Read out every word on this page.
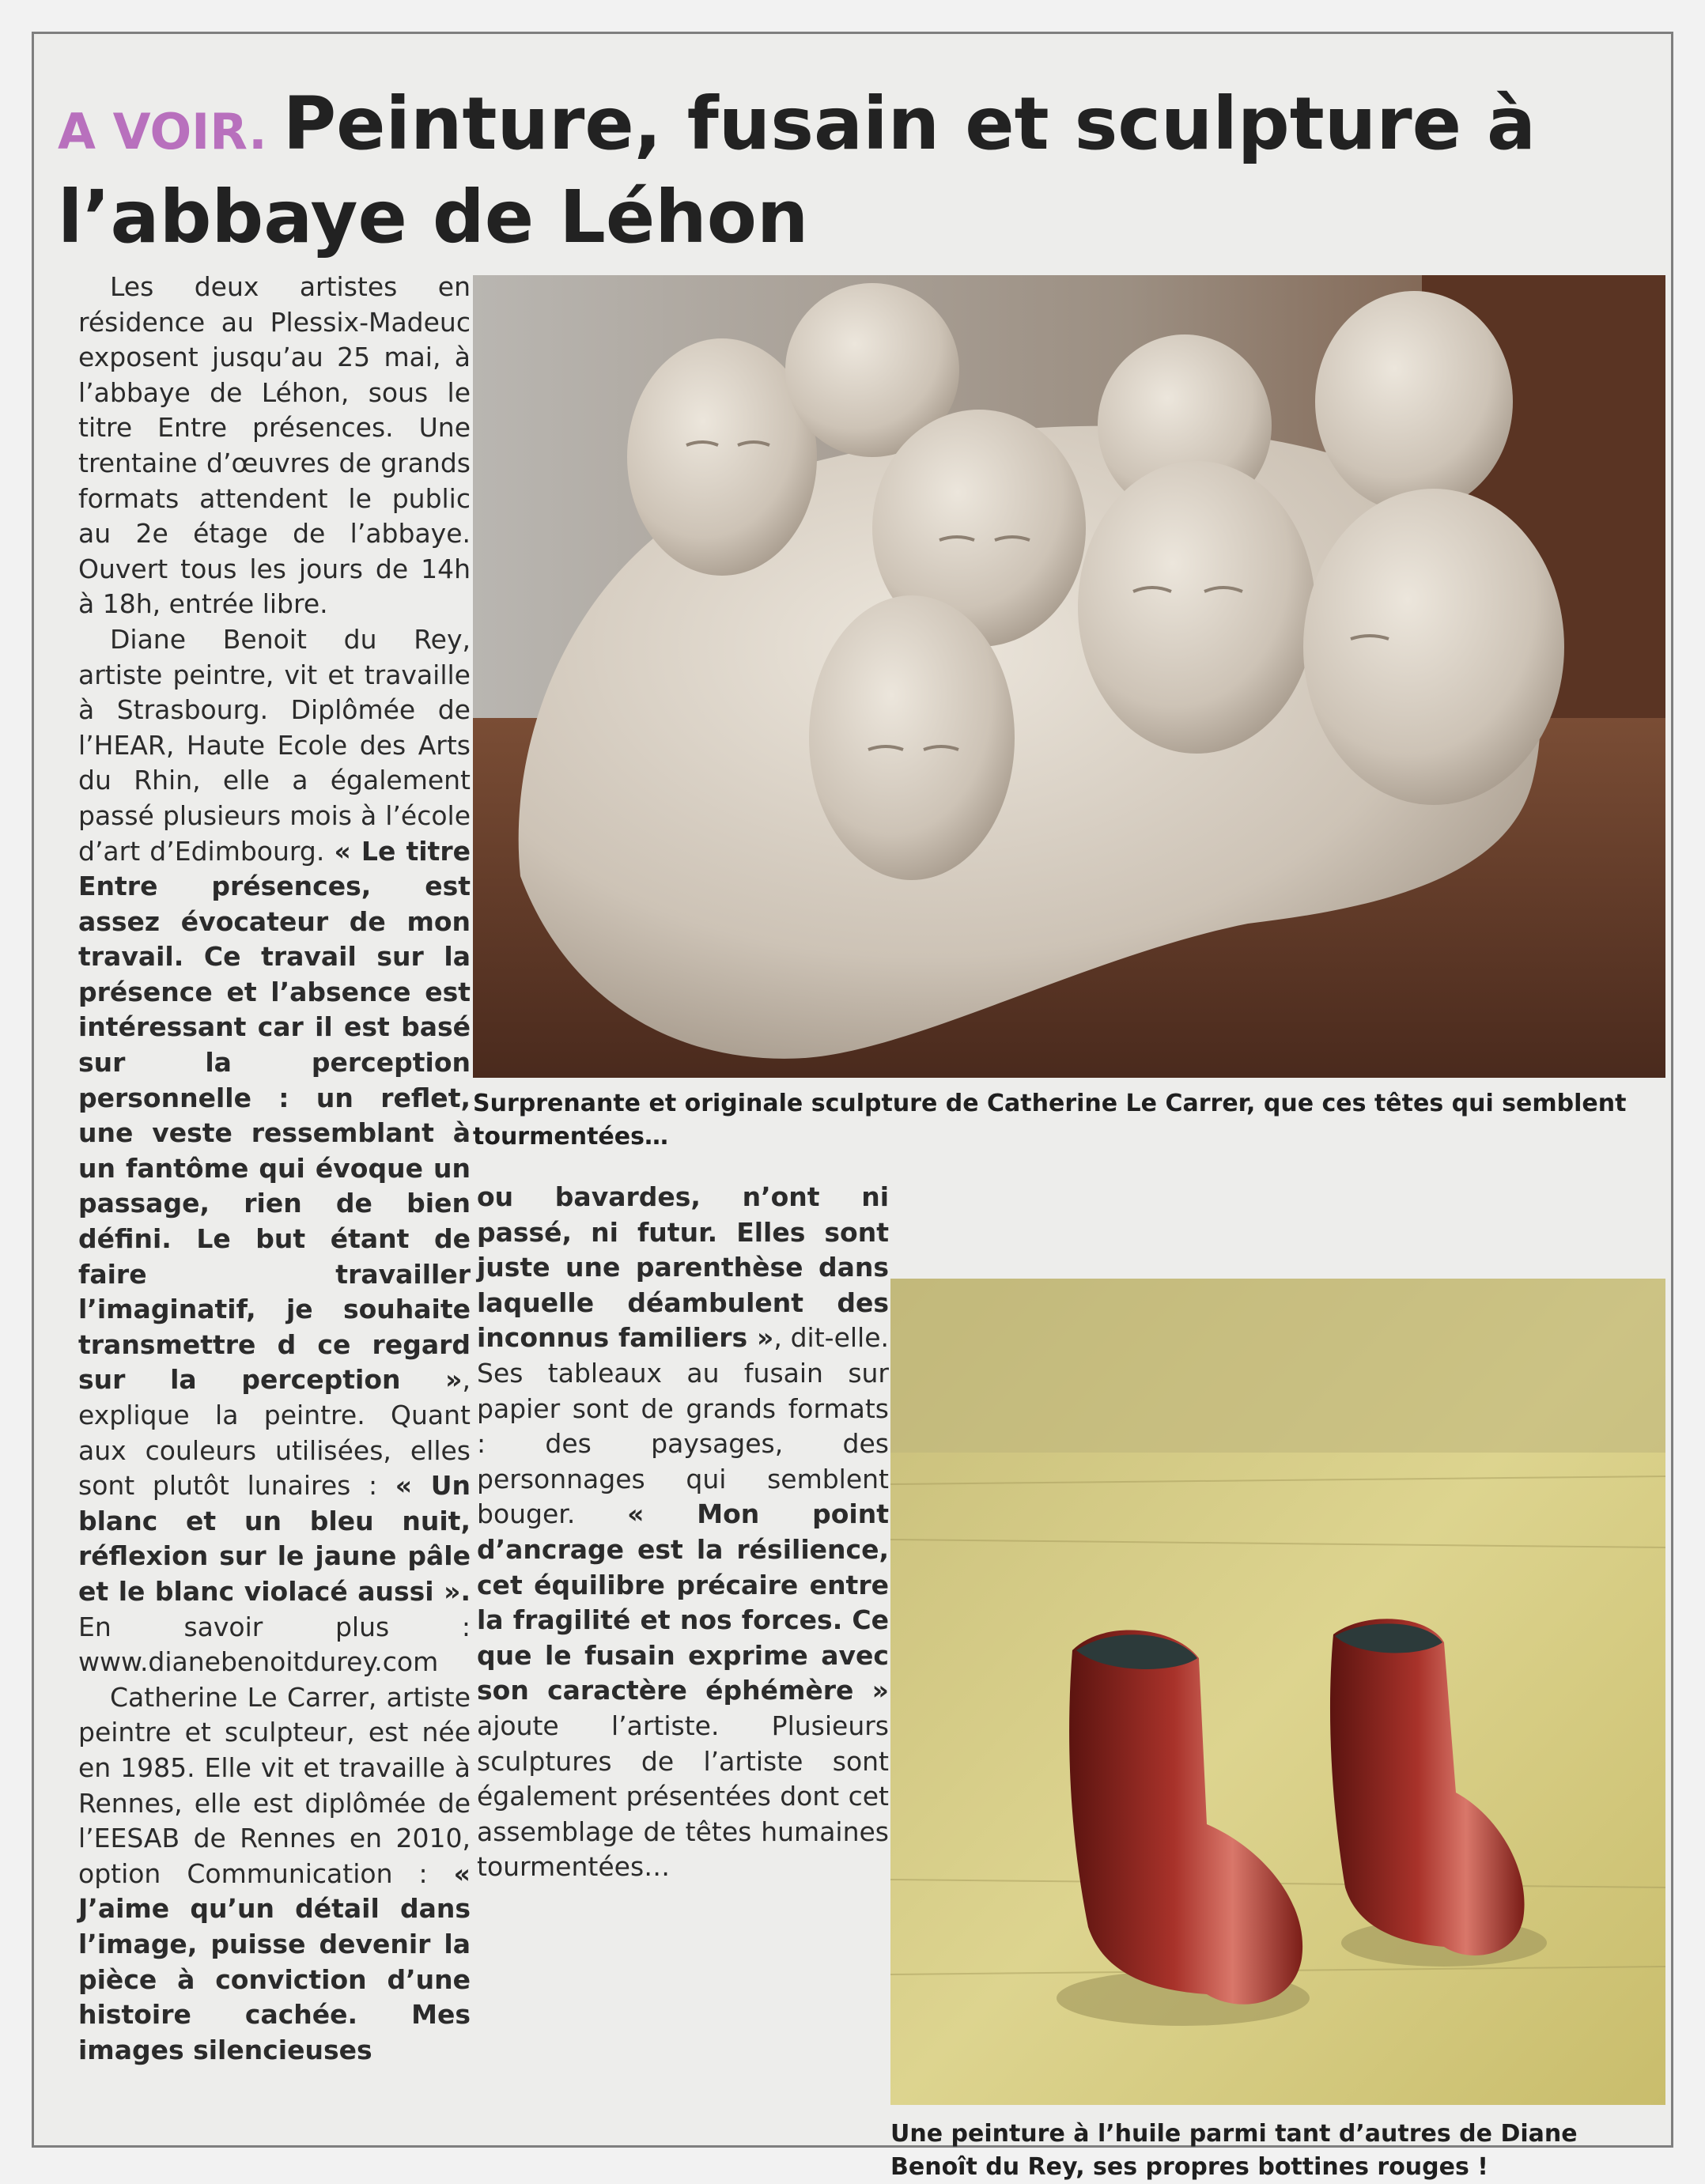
A VOIR. Peinture, fusain et sculpture à l’abbaye de Léhon

Les deux artistes en résidence au Plessix-Madeuc exposent jusqu’au 25 mai, à l’abbaye de Léhon, sous le titre Entre présences. Une trentaine d’œuvres de grands formats attendent le public au 2e étage de l’abbaye. Ouvert tous les jours de 14h à 18h, entrée libre.

Diane Benoit du Rey, artiste peintre, vit et travaille à Strasbourg. Diplômée de l’HEAR, Haute Ecole des Arts du Rhin, elle a également passé plusieurs mois à l’école d’art d’Edimbourg. « Le titre Entre présences, est assez évocateur de mon travail. Ce travail sur la présence et l’absence est intéressant car il est basé sur la perception personnelle : un reflet, une veste ressemblant à un fantôme qui évoque un passage, rien de bien défini. Le but étant de faire travailler l’imaginatif, je souhaite transmettre d ce regard sur la perception », explique la peintre. Quant aux couleurs utilisées, elles sont plutôt lunaires : « Un blanc et un bleu nuit, réflexion sur le jaune pâle et le blanc violacé aussi ». En savoir plus : www.dianebenoitdurey.com

Catherine Le Carrer, artiste peintre et sculpteur, est née en 1985. Elle vit et travaille à Rennes, elle est diplômée de l’EESAB de Rennes en 2010, option Communication : « J’aime qu’un détail dans l’image, puisse devenir la pièce à conviction d’une histoire cachée. Mes images silencieuses

Surprenante et originale sculpture de Catherine Le Carrer, que ces têtes qui semblent tourmentées…

ou bavardes, n’ont ni passé, ni futur. Elles sont juste une parenthèse dans laquelle déambulent des inconnus familiers », dit-elle. Ses tableaux au fusain sur papier sont de grands formats : des paysages, des personnages qui semblent bouger. « Mon point d’ancrage est la résilience, cet équilibre précaire entre la fragilité et nos forces. Ce que le fusain exprime avec son caractère éphémère » ajoute l’artiste. Plusieurs sculptures de l’artiste sont également présentées dont cet assemblage de têtes humaines tourmentées…

Une peinture à l’huile parmi tant d’autres de Diane Benoît du Rey, ses propres bottines rouges !
